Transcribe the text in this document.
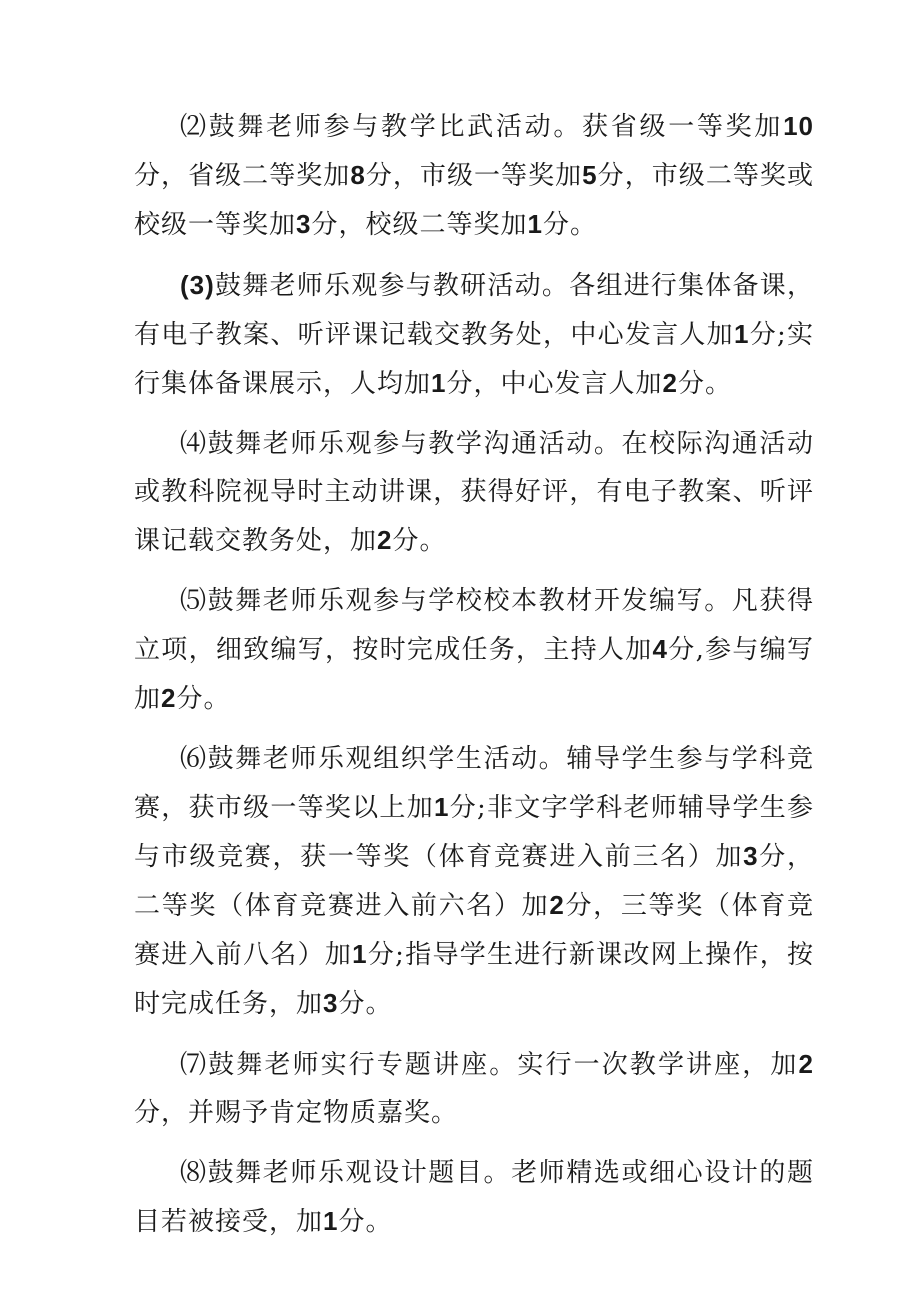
⑵鼓舞老师参与教学比武活动。获省级一等奖加10分，省级二等奖加8分，市级一等奖加5分，市级二等奖或校级一等奖加3分，校级二等奖加1分。

(3)鼓舞老师乐观参与教研活动。各组进行集体备课，有电子教案、听评课记载交教务处，中心发言人加1分;实行集体备课展示，人均加1分，中心发言人加2分。

⑷鼓舞老师乐观参与教学沟通活动。在校际沟通活动或教科院视导时主动讲课，获得好评，有电子教案、听评课记载交教务处，加2分。

⑸鼓舞老师乐观参与学校校本教材开发编写。凡获得立项，细致编写，按时完成任务，主持人加4分,参与编写加2分。

⑹鼓舞老师乐观组织学生活动。辅导学生参与学科竞赛，获市级一等奖以上加1分;非文字学科老师辅导学生参与市级竞赛，获一等奖（体育竞赛进入前三名）加3分，二等奖（体育竞赛进入前六名）加2分，三等奖（体育竞赛进入前八名）加1分;指导学生进行新课改网上操作，按时完成任务，加3分。

⑺鼓舞老师实行专题讲座。实行一次教学讲座，加2分，并赐予肯定物质嘉奖。

⑻鼓舞老师乐观设计题目。老师精选或细心设计的题目若被接受，加1分。
